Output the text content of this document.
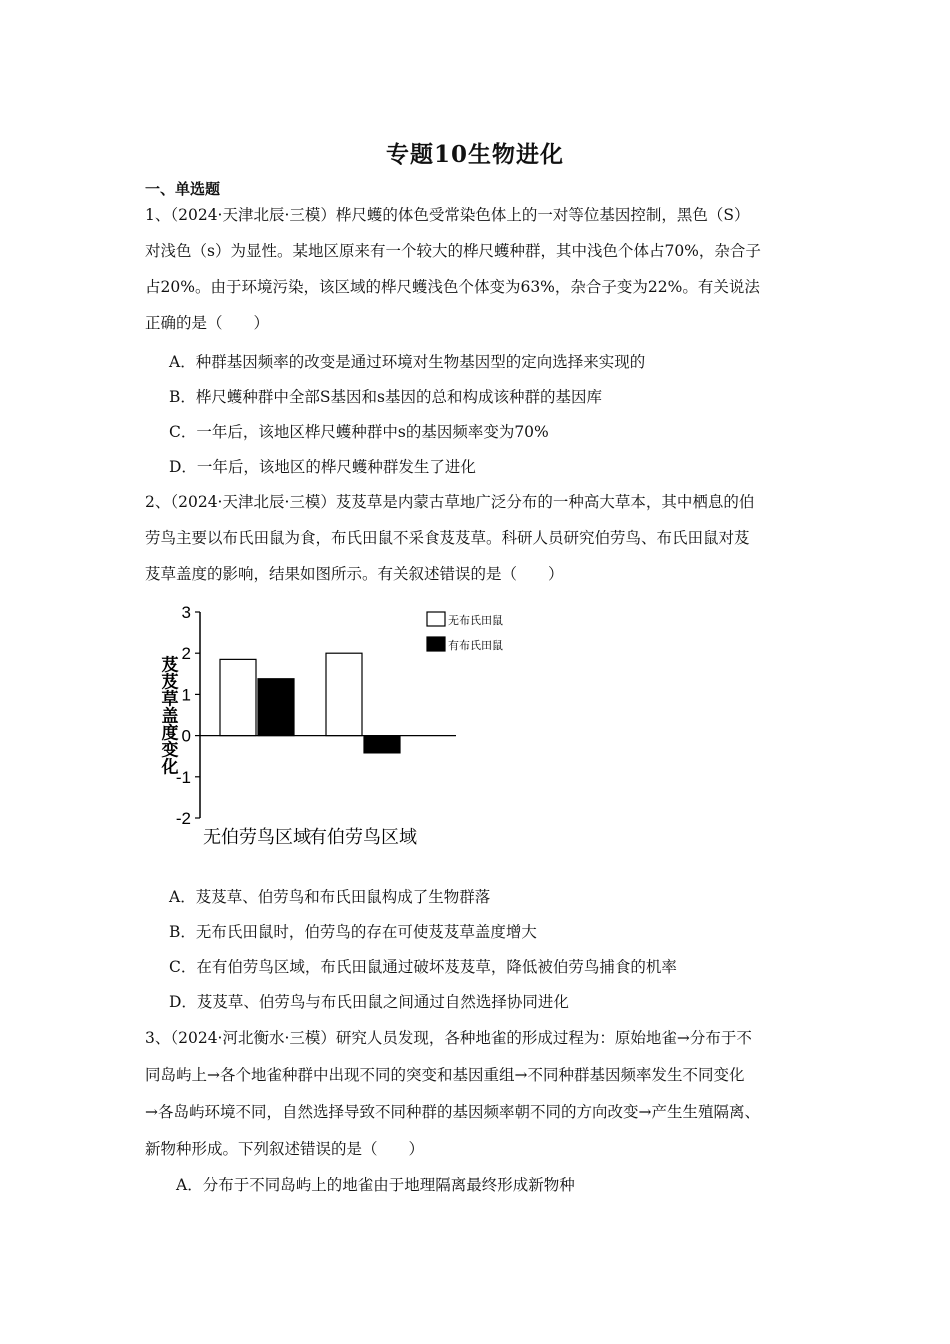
专题10生物进化
一、单选题
1、（2024·天津北辰·三模）桦尺蠖的体色受常染色体上的一对等位基因控制，黑色（S）
对浅色（s）为显性。某地区原来有一个较大的桦尺蠖种群，其中浅色个体占70%，杂合子
占20%。由于环境污染，该区域的桦尺蠖浅色个体变为63%，杂合子变为22%。有关说法
正确的是（　　）
A．种群基因频率的改变是通过环境对生物基因型的定向选择来实现的
B．桦尺蠖种群中全部S基因和s基因的总和构成该种群的基因库
C．一年后，该地区桦尺蠖种群中s的基因频率变为70%
D．一年后，该地区的桦尺蠖种群发生了进化
2、（2024·天津北辰·三模）芨芨草是内蒙古草地广泛分布的一种高大草本，其中栖息的伯
劳鸟主要以布氏田鼠为食，布氏田鼠不采食芨芨草。科研人员研究伯劳鸟、布氏田鼠对芨
芨草盖度的影响，结果如图所示。有关叙述错误的是（　　）
3
2
1
0
-1
-2
芨芨草盖度变化
无伯劳鸟区域
有伯劳鸟区域
无布氏田鼠
有布氏田鼠
A．芨芨草、伯劳鸟和布氏田鼠构成了生物群落
B．无布氏田鼠时，伯劳鸟的存在可使芨芨草盖度增大
C．在有伯劳鸟区域，布氏田鼠通过破坏芨芨草，降低被伯劳鸟捕食的机率
D．芨芨草、伯劳鸟与布氏田鼠之间通过自然选择协同进化
3、（2024·河北衡水·三模）研究人员发现，各种地雀的形成过程为：原始地雀→分布于不
同岛屿上→各个地雀种群中出现不同的突变和基因重组→不同种群基因频率发生不同变化
→各岛屿环境不同，自然选择导致不同种群的基因频率朝不同的方向改变→产生生殖隔离、
新物种形成。下列叙述错误的是（　　）
A．分布于不同岛屿上的地雀由于地理隔离最终形成新物种
